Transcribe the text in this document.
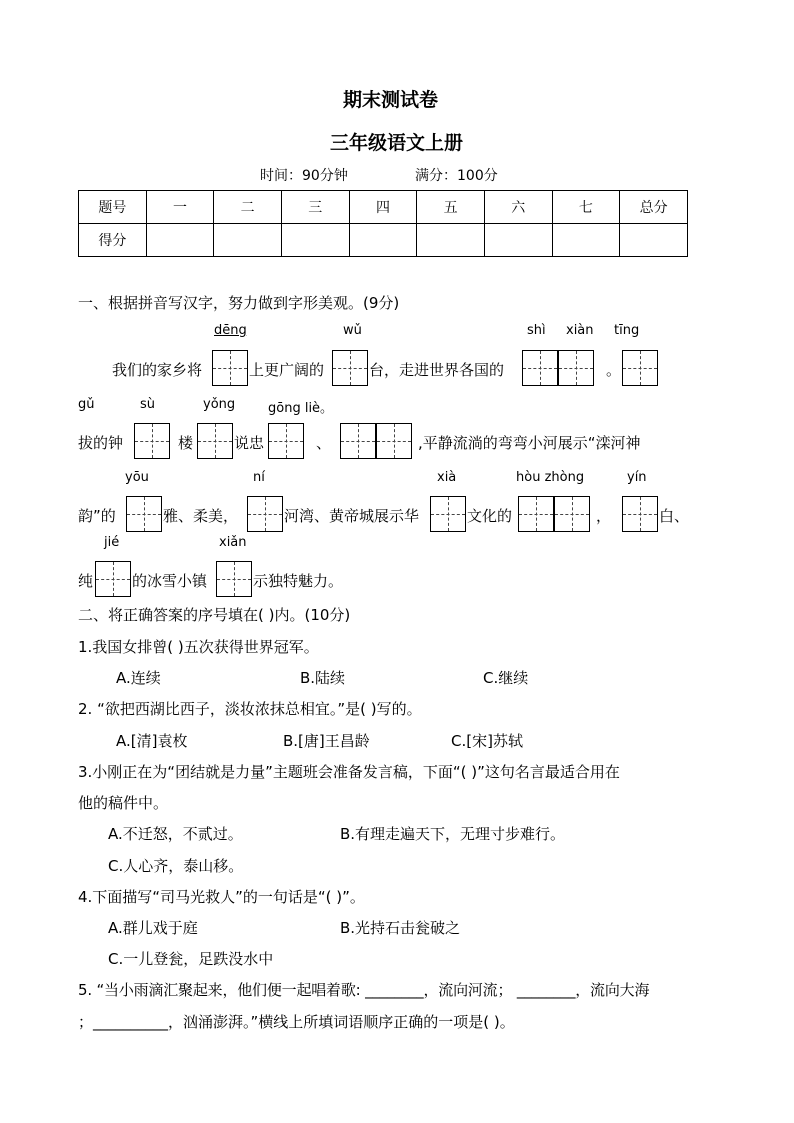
期末测试卷
三年级语文上册
时间：90分钟	满分：100分
题号	一	二	三	四	五	六	七	总分
得分								
一、根据拼音写汉字，努力做到字形美观。(9分)
dēng	wǔ	shì xiàn tīng
我们的家乡将	上更广阔的	台，走进世界各国的	。
gǔ	sù	yǒng	gōng liè。
拔的钟	楼	说忠	、	,平静流淌的弯弯小河展示“滦河神
yōu	ní	xià	hòu zhòng	yín
韵”的	雅、柔美，	河湾、黄帝城展示华	文化的	，	白、
jié	xiǎn
纯	的冰雪小镇	示独特魅力。
二、将正确答案的序号填在( )内。(10分)
1.我国女排曾( )五次获得世界冠军。
A.连续	B.陆续	C.继续
2. “欲把西湖比西子，淡妆浓抹总相宜。”是( )写的。
A.[清]袁枚	B.[唐]王昌龄	C.[宋]苏轼
3.小刚正在为“团结就是力量”主题班会准备发言稿，下面“( )”这句名言最适合用在
他的稿件中。
A.不迁怒，不贰过。	B.有理走遍天下，无理寸步难行。
C.人心齐，泰山移。
4.下面描写“司马光救人”的一句话是“( )”。
A.群儿戏于庭	B.光持石击瓮破之
C.一儿登瓮，足跌没水中
5. “当小雨滴汇聚起来，他们便一起唱着歌: ________，流向河流； ________，流向大海
；__________，汹涌澎湃。”横线上所填词语顺序正确的一项是( )。
